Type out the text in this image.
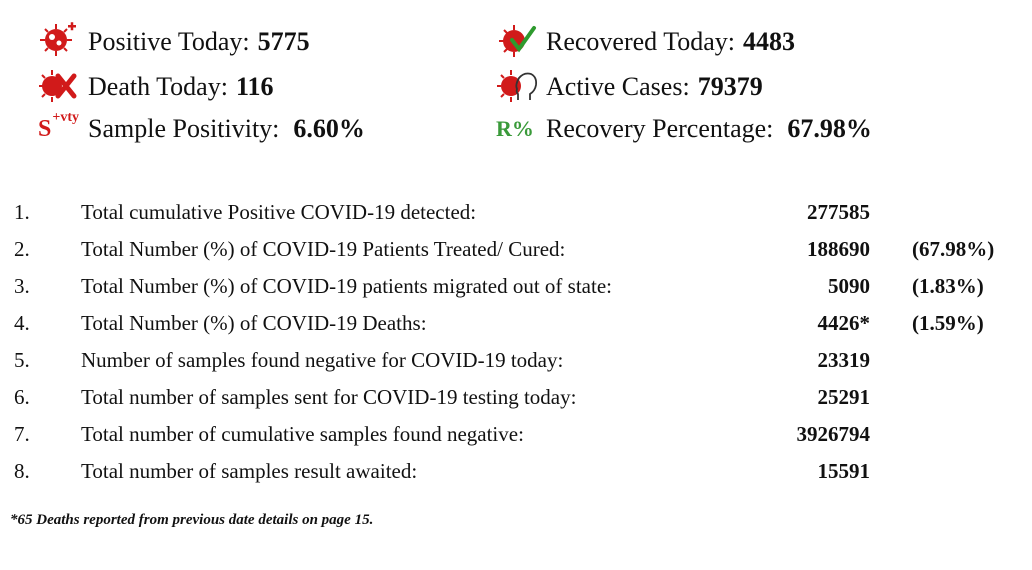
Positive Today: 5775	Recovered Today: 4483
Death Today: 116	Active Cases: 79379
$S^{+vty}$ Sample Positivity: 6.60%	R% Recovery Percentage: 67.98%
1. Total cumulative Positive COVID-19 detected:	277585
2. Total Number (%) of COVID-19 Patients Treated/ Cured:	188690 (67.98%)
3. Total Number (%) of COVID-19 patients migrated out of state:	5090 (1.83%)
4. Total Number (%) of COVID-19 Deaths:	4426* (1.59%)
5. Number of samples found negative for COVID-19 today:	23319
6. Total number of samples sent for COVID-19 testing today:	25291
7. Total number of cumulative samples found negative:	3926794
8. Total number of samples result awaited:	15591
*65 Deaths reported from previous date details on page 15.
